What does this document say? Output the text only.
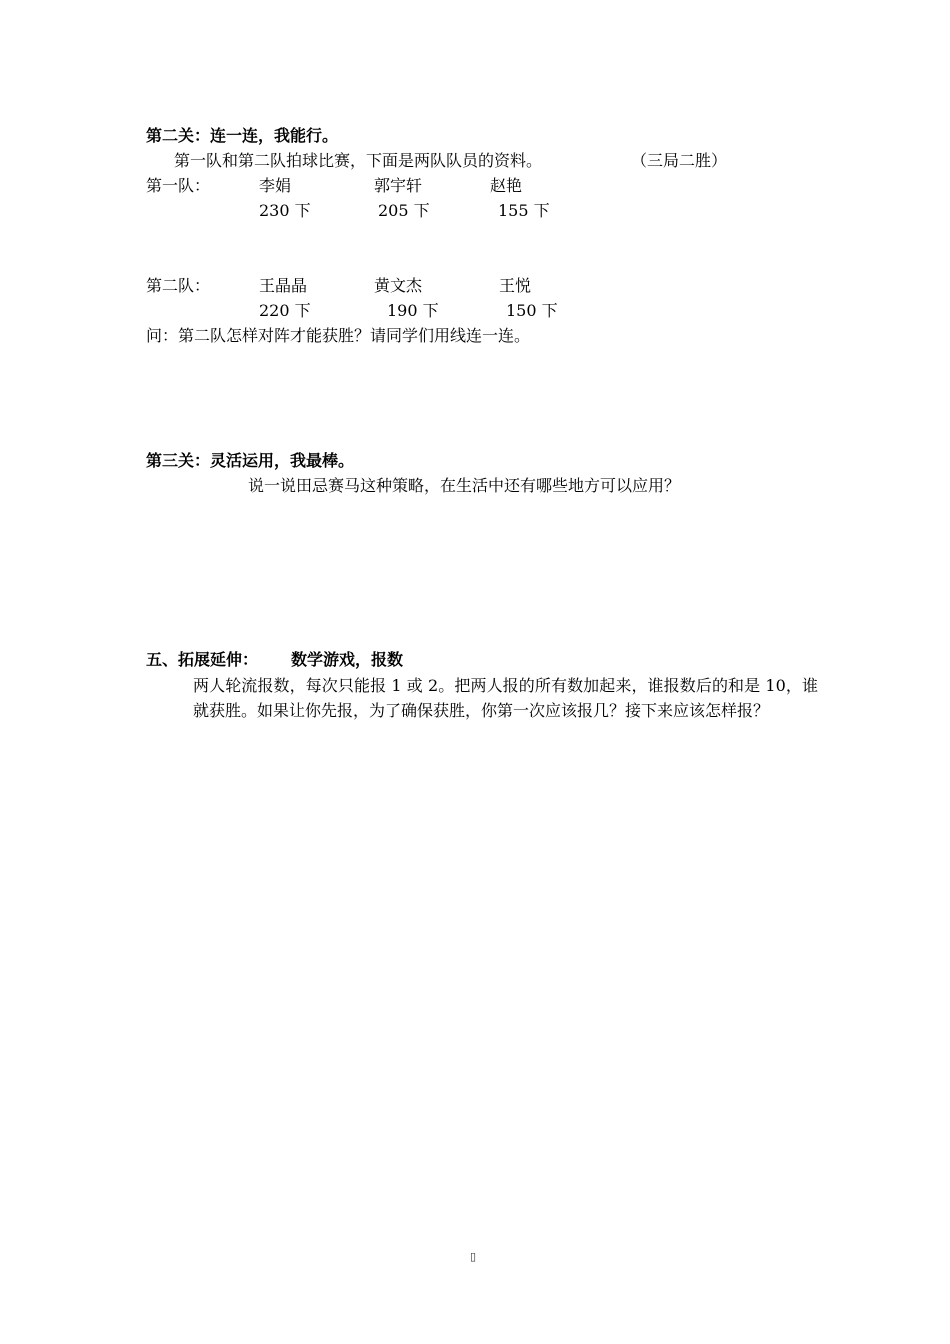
第二关：连一连，我能行。
第一队和第二队拍球比赛，下面是两队队员的资料。	（三局二胜）
第一队：	李娟	郭宇轩	赵艳
230 下	205 下	155 下
第二队：	王晶晶	黄文杰	王悦
220 下	190 下	150 下
问：第二队怎样对阵才能获胜？请同学们用线连一连。
第三关：灵活运用，我最棒。
说一说田忌赛马这种策略，在生活中还有哪些地方可以应用？
五、拓展延伸： 数学游戏，报数
两人轮流报数，每次只能报 1 或 2。把两人报的所有数加起来，谁报数后的和是 10，谁就获胜。如果让你先报，为了确保获胜，你第一次应该报几？接下来应该怎样报？
▯
